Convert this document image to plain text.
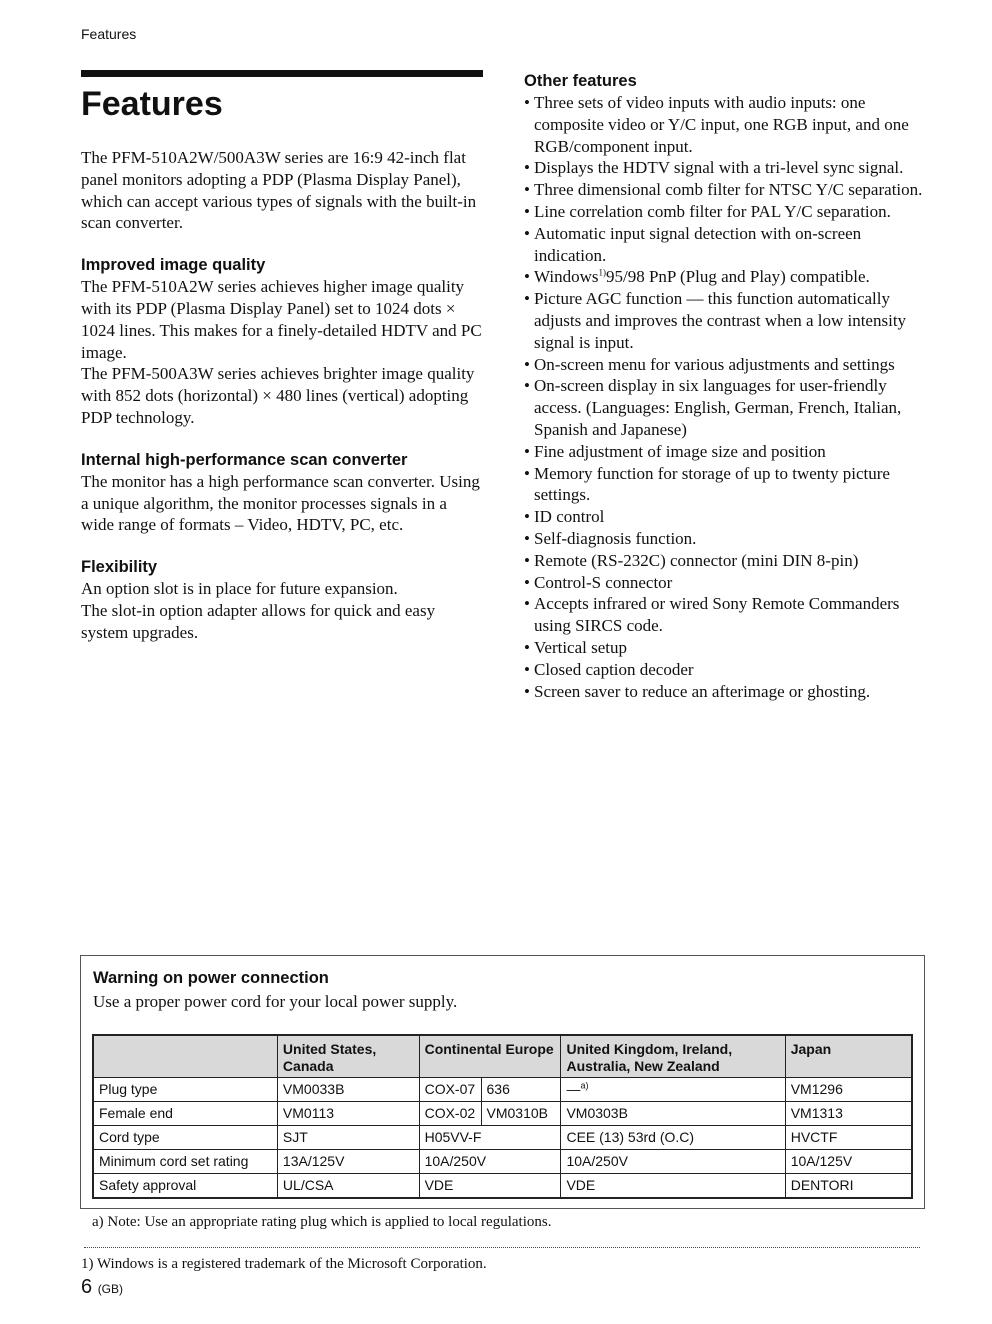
Features
Features

The PFM-510A2W/500A3W series are 16:9 42-inch flat panel monitors adopting a PDP (Plasma Display Panel), which can accept various types of signals with the built-in scan converter.

Improved image quality

The PFM-510A2W series achieves higher image quality with its PDP (Plasma Display Panel) set to 1024 dots × 1024 lines. This makes for a finely-detailed HDTV and PC image.

The PFM-500A3W series achieves brighter image quality with 852 dots (horizontal) × 480 lines (vertical) adopting PDP technology.

Internal high-performance scan converter

The monitor has a high performance scan converter. Using a unique algorithm, the monitor processes signals in a wide range of formats – Video, HDTV, PC, etc.

Flexibility

An option slot is in place for future expansion.

The slot-in option adapter allows for quick and easy system upgrades.

Other features
• Three sets of video inputs with audio inputs: one composite video or Y/C input, one RGB input, and one RGB/component input.
• Displays the HDTV signal with a tri-level sync signal.
• Three dimensional comb filter for NTSC Y/C separation.
• Line correlation comb filter for PAL Y/C separation.
• Automatic input signal detection with on-screen indication.
• Windows$^{1)}$95/98 PnP (Plug and Play) compatible.
• Picture AGC function — this function automatically adjusts and improves the contrast when a low intensity signal is input.
• On-screen menu for various adjustments and settings
• On-screen display in six languages for user-friendly access. (Languages: English, German, French, Italian, Spanish and Japanese)
• Fine adjustment of image size and position
• Memory function for storage of up to twenty picture settings.
• ID control
• Self-diagnosis function.
• Remote (RS-232C) connector (mini DIN 8-pin)
• Control-S connector
• Accepts infrared or wired Sony Remote Commanders using SIRCS code.
• Vertical setup
• Closed caption decoder
• Screen saver to reduce an afterimage or ghosting.
Warning on power connection
Use a proper power cord for your local power supply.
	United States, Canada	Continental Europe		United Kingdom, Ireland, Australia, New Zealand	Japan
Plug type	VM0033B	COX-07	636	—$^{a)}$	VM1296
Female end	VM0113	COX-02	VM0310B	VM0303B	VM1313
Cord type	SJT	H05VV-F		CEE (13) 53rd (O.C)	HVCTF
Minimum cord set rating	13A/125V	10A/250V		10A/250V	10A/125V
Safety approval	UL/CSA	VDE		VDE	DENTORI
a) Note: Use an appropriate rating plug which is applied to local regulations.
1) Windows is a registered trademark of the Microsoft Corporation.
6 (GB)
